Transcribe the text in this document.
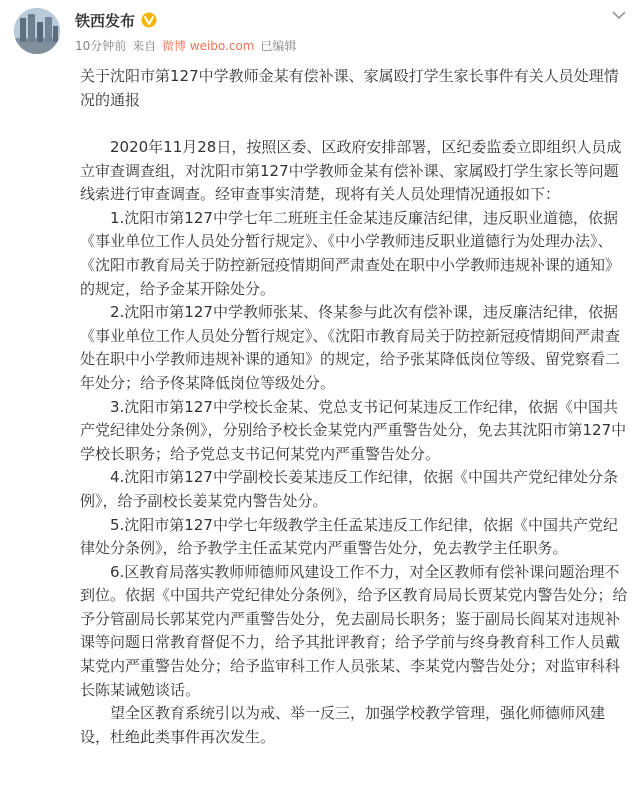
铁西发布
10分钟前 来自 微博 weibo.com 已编辑
关于沈阳市第127中学教师金某有偿补课、家属殴打学生家长事件有关人员处理情况的通报

2020年11月28日，按照区委、区政府安排部署，区纪委监委立即组织人员成立审查调查组，对沈阳市第127中学教师金某有偿补课、家属殴打学生家长等问题线索进行审查调查。经审查事实清楚，现将有关人员处理情况通报如下：

1.沈阳市第127中学七年二班班主任金某违反廉洁纪律，违反职业道德，依据《事业单位工作人员处分暂行规定》、《中小学教师违反职业道德行为处理办法》、《沈阳市教育局关于防控新冠疫情期间严肃查处在职中小学教师违规补课的通知》的规定，给予金某开除处分。

2.沈阳市第127中学教师张某、佟某参与此次有偿补课，违反廉洁纪律，依据《事业单位工作人员处分暂行规定》、《沈阳市教育局关于防控新冠疫情期间严肃查处在职中小学教师违规补课的通知》的规定，给予张某降低岗位等级、留党察看二年处分；给予佟某降低岗位等级处分。

3.沈阳市第127中学校长金某、党总支书记何某违反工作纪律，依据《中国共产党纪律处分条例》，分别给予校长金某党内严重警告处分，免去其沈阳市第127中学校长职务；给予党总支书记何某党内严重警告处分。

4.沈阳市第127中学副校长姜某违反工作纪律，依据《中国共产党纪律处分条例》，给予副校长姜某党内警告处分。

5.沈阳市第127中学七年级教学主任孟某违反工作纪律，依据《中国共产党纪律处分条例》，给予教学主任孟某党内严重警告处分，免去教学主任职务。

6.区教育局落实教师师德师风建设工作不力，对全区教师有偿补课问题治理不到位。依据《中国共产党纪律处分条例》，给予区教育局局长贾某党内警告处分；给予分管副局长郭某党内严重警告处分，免去副局长职务；鉴于副局长阎某对违规补课等问题日常教育督促不力，给予其批评教育；给予学前与终身教育科工作人员戴某党内严重警告处分；给予监审科工作人员张某、李某党内警告处分；对监审科科长陈某诫勉谈话。

望全区教育系统引以为戒、举一反三，加强学校教学管理，强化师德师风建设，杜绝此类事件再次发生。
